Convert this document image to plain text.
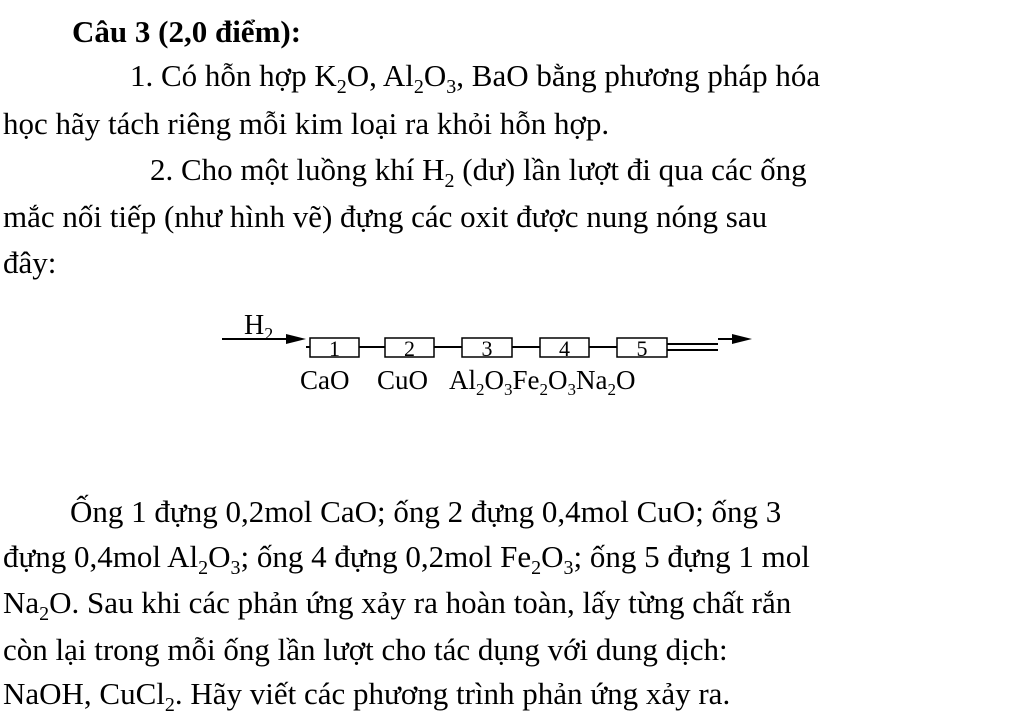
Câu 3 (2,0 điểm):
1. Có hỗn hợp $K_2O$, $Al_2O_3$, BaO bằng phương pháp hóa
học hãy tách riêng mỗi kim loại ra khỏi hỗn hợp.
2. Cho một luồng khí $H_2$ (dư) lần lượt đi qua các ống
mắc nối tiếp (như hình vẽ) đựng các oxit được nung nóng sau
đây:
$H_2$
1	2	3	4	5
CaO CuO $Al_2O_3Fe_2O_3Na_2O$
Ống 1 đựng 0,2mol CaO; ống 2 đựng 0,4mol CuO; ống 3
đựng 0,4mol $Al_2O_3$; ống 4 đựng 0,2mol $Fe_2O_3$; ống 5 đựng 1 mol
$Na_2O$. Sau khi các phản ứng xảy ra hoàn toàn, lấy từng chất rắn
còn lại trong mỗi ống lần lượt cho tác dụng với dung dịch:
NaOH, CuCl$_2$. Hãy viết các phương trình phản ứng xảy ra.
